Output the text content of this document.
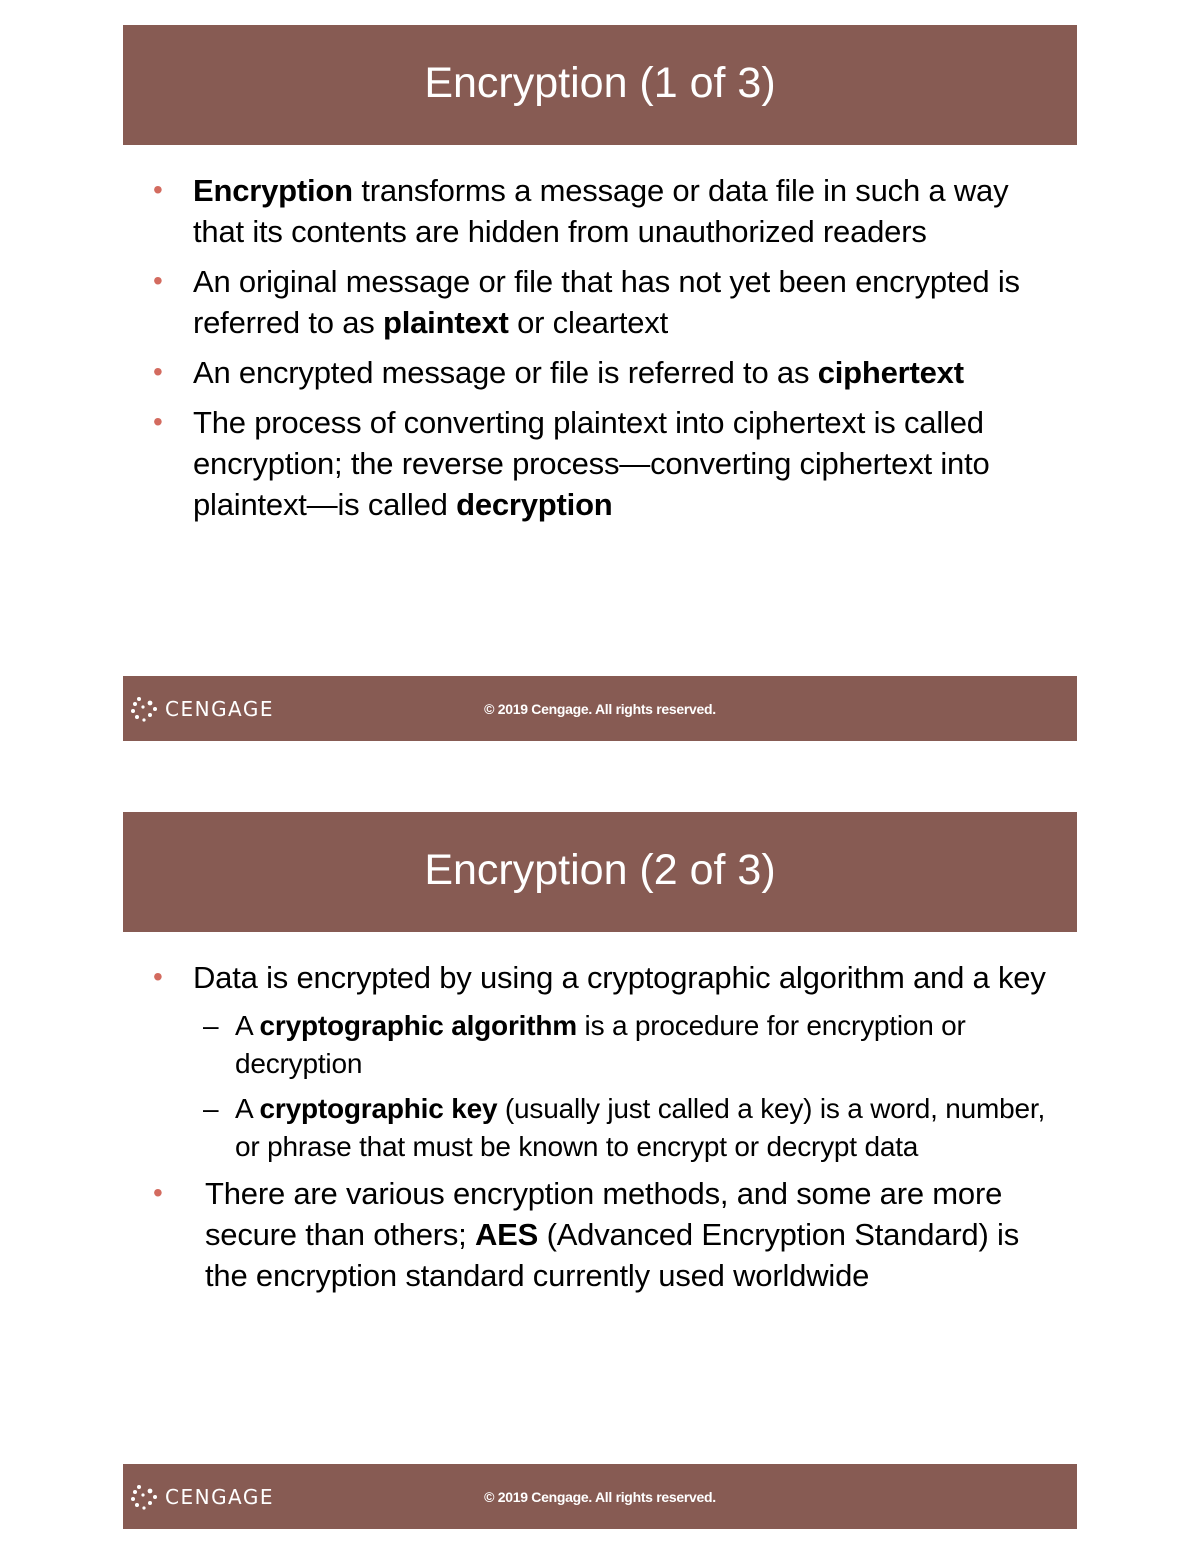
Encryption (1 of 3)
• Encryption transforms a message or data file in such a way that its contents are hidden from unauthorized readers
• An original message or file that has not yet been encrypted is referred to as plaintext or cleartext
• An encrypted message or file is referred to as ciphertext
• The process of converting plaintext into ciphertext is called encryption; the reverse process—converting ciphertext into plaintext—is called decryption
CENGAGE	© 2019 Cengage. All rights reserved.
Encryption (2 of 3)
• Data is encrypted by using a cryptographic algorithm and a key
– A cryptographic algorithm is a procedure for encryption or decryption
– A cryptographic key (usually just called a key) is a word, number, or phrase that must be known to encrypt or decrypt data
• There are various encryption methods, and some are more secure than others; AES (Advanced Encryption Standard) is the encryption standard currently used worldwide
CENGAGE	© 2019 Cengage. All rights reserved.
